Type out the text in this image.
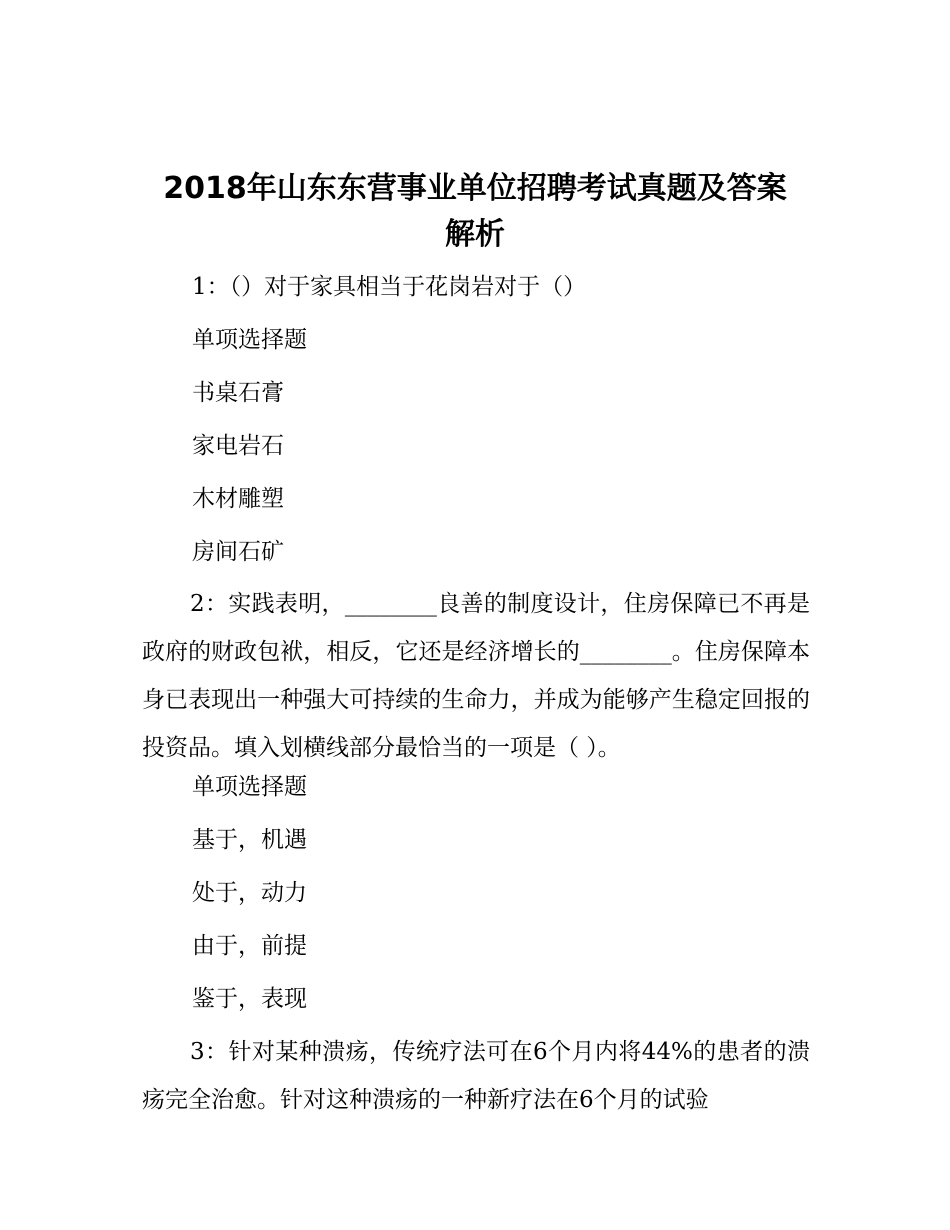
2018年山东东营事业单位招聘考试真题及答案
解析
1：（）对于家具相当于花岗岩对于（）
单项选择题
书桌石膏
家电岩石
木材雕塑
房间石矿
2：实践表明，________良善的制度设计，住房保障已不再是政府的财政包袱，相反，它还是经济增长的________。住房保障本身已表现出一种强大可持续的生命力，并成为能够产生稳定回报的投资品。填入划横线部分最恰当的一项是（ ）。
单项选择题
基于，机遇
处于，动力
由于，前提
鉴于，表现
3：针对某种溃疡，传统疗法可在6个月内将44%的患者的溃疡完全治愈。针对这种溃疡的一种新疗法在6个月的试验
